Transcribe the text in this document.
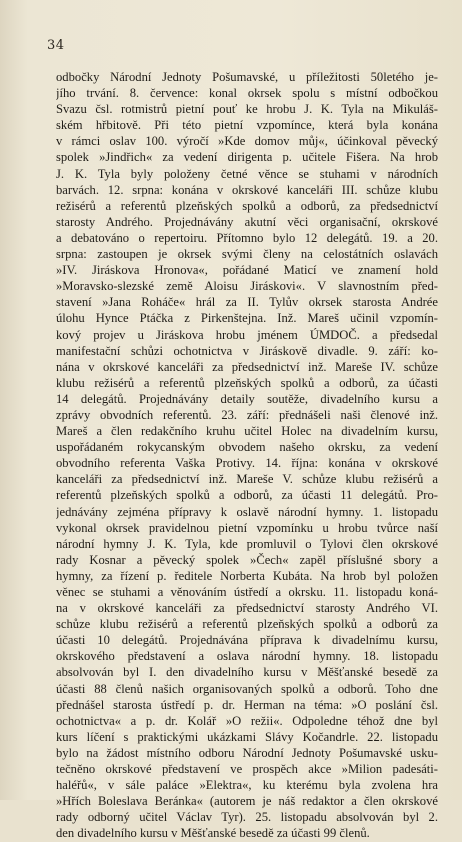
34
odbočky Národní Jednoty Pošumavské, u příležitosti 50letého je-
jího trvání. 8. července: konal okrsek spolu s místní odbočkou
Svazu čsl. rotmistrů pietní pouť ke hrobu J. K. Tyla na Mikuláš-
ském hřbitově. Při této pietní vzpomínce, která byla konána
v rámci oslav 100. výročí »Kde domov můj«, účinkoval pěvecký
spolek »Jindřich« za vedení dirigenta p. učitele Fišera. Na hrob
J. K. Tyla byly položeny četné věnce se stuhami v národních
barvách. 12. srpna: konána v okrskové kanceláři III. schůze klubu
režisérů a referentů plzeňských spolků a odborů, za předsednictví
starosty Andrého. Projednávány akutní věci organisační, okrskové
a debatováno o repertoiru. Přítomno bylo 12 delegátů. 19. a 20.
srpna: zastoupen je okrsek svými členy na celostátních oslavách
»IV. Jiráskova Hronova«, pořádané Maticí ve znamení hold
»Moravsko-slezské země Aloisu Jiráskovi«. V slavnostním před-
stavení »Jana Roháče« hrál za II. Tylův okrsek starosta Andrée
úlohu Hynce Ptáčka z Pirkenštejna. Inž. Mareš učinil vzpomín-
kový projev u Jiráskova hrobu jménem ÚMDOČ. a předsedal
manifestační schůzi ochotnictva v Jiráskově divadle. 9. září: ko-
nána v okrskové kanceláři za předsednictví inž. Mareše IV. schůze
klubu režisérů a referentů plzeňských spolků a odborů, za účasti
14 delegátů. Projednávány detaily soutěže, divadelního kursu a
zprávy obvodních referentů. 23. září: přednášeli naši členové inž.
Mareš a člen redakčního kruhu učitel Holec na divadelním kursu,
uspořádaném rokycanským obvodem našeho okrsku, za vedení
obvodního referenta Vaška Protivy. 14. října: konána v okrskové
kanceláři za předsednictví inž. Mareše V. schůze klubu režisérů a
referentů plzeňských spolků a odborů, za účasti 11 delegátů. Pro-
jednávány zejména přípravy k oslavě národní hymny. 1. listopadu
vykonal okrsek pravidelnou pietní vzpomínku u hrobu tvůrce naší
národní hymny J. K. Tyla, kde promluvil o Tylovi člen okrskové
rady Kosnar a pěvecký spolek »Čech« zapěl příslušné sbory a
hymny, za řízení p. ředitele Norberta Kubáta. Na hrob byl položen
věnec se stuhami a věnováním ústředí a okrsku. 11. listopadu koná-
na v okrskové kanceláři za předsednictví starosty Andrého VI.
schůze klubu režisérů a referentů plzeňských spolků a odborů za
účasti 10 delegátů. Projednávána příprava k divadelnímu kursu,
okrskového představení a oslava národní hymny. 18. listopadu
absolvován byl I. den divadelního kursu v Měšťanské besedě za
účasti 88 členů našich organisovaných spolků a odborů. Toho dne
přednášel starosta ústředí p. dr. Herman na téma: »O poslání čsl.
ochotnictva« a p. dr. Kolář »O režii«. Odpoledne téhož dne byl
kurs líčení s praktickými ukázkami Slávy Kočandrle. 22. listopadu
bylo na žádost místního odboru Národní Jednoty Pošumavské usku-
tečněno okrskové představení ve prospěch akce »Milion padesáti-
haléřů«, v sále paláce »Elektra«, ku kterému byla zvolena hra
»Hřích Boleslava Beránka« (autorem je náš redaktor a člen okrskové
rady odborný učitel Václav Tyr). 25. listopadu absolvován byl 2.
den divadelního kursu v Měšťanské besedě za účasti 99 členů.
